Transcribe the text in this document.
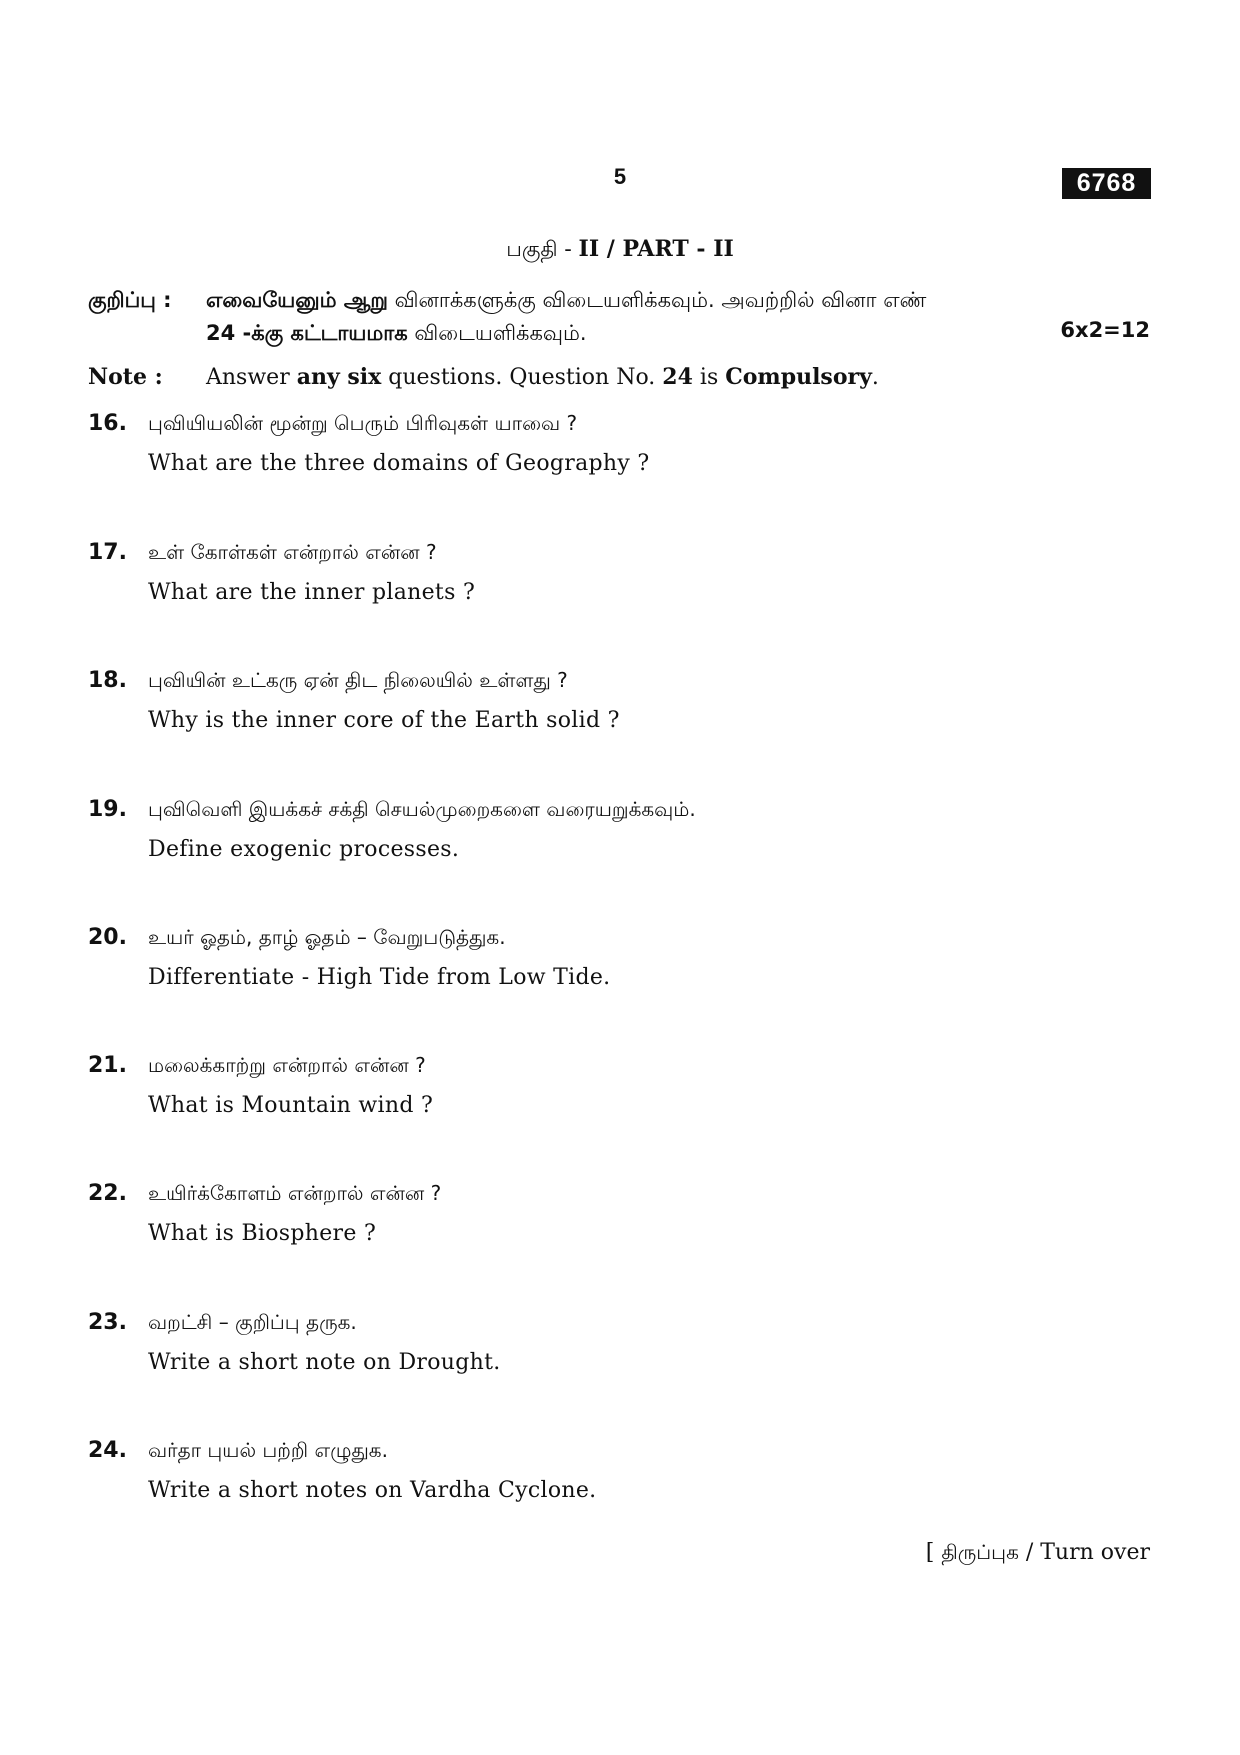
5	6768
பகுதி - II / PART - II
குறிப்பு : எவையேனும் ஆறு வினாக்களுக்கு விடையளிக்கவும். அவற்றில் வினா எண்
24 -க்கு கட்டாயமாக விடையளிக்கவும்.	6x2=12
Note : Answer any six questions. Question No. 24 is Compulsory.
16. புவியியலின் மூன்று பெரும் பிரிவுகள் யாவை ?
What are the three domains of Geography ?
17. உள் கோள்கள் என்றால் என்ன ?
What are the inner planets ?
18. புவியின் உட்கரு ஏன் திட நிலையில் உள்ளது ?
Why is the inner core of the Earth solid ?
19. புவிவெளி இயக்கச் சக்தி செயல்முறைகளை வரையறுக்கவும்.
Define exogenic processes.
20. உயர் ஓதம், தாழ் ஓதம் – வேறுபடுத்துக.
Differentiate - High Tide from Low Tide.
21. மலைக்காற்று என்றால் என்ன ?
What is Mountain wind ?
22. உயிர்க்கோளம் என்றால் என்ன ?
What is Biosphere ?
23. வறட்சி – குறிப்பு தருக.
Write a short note on Drought.
24. வர்தா புயல் பற்றி எழுதுக.
Write a short notes on Vardha Cyclone.
[ திருப்புக / Turn over
